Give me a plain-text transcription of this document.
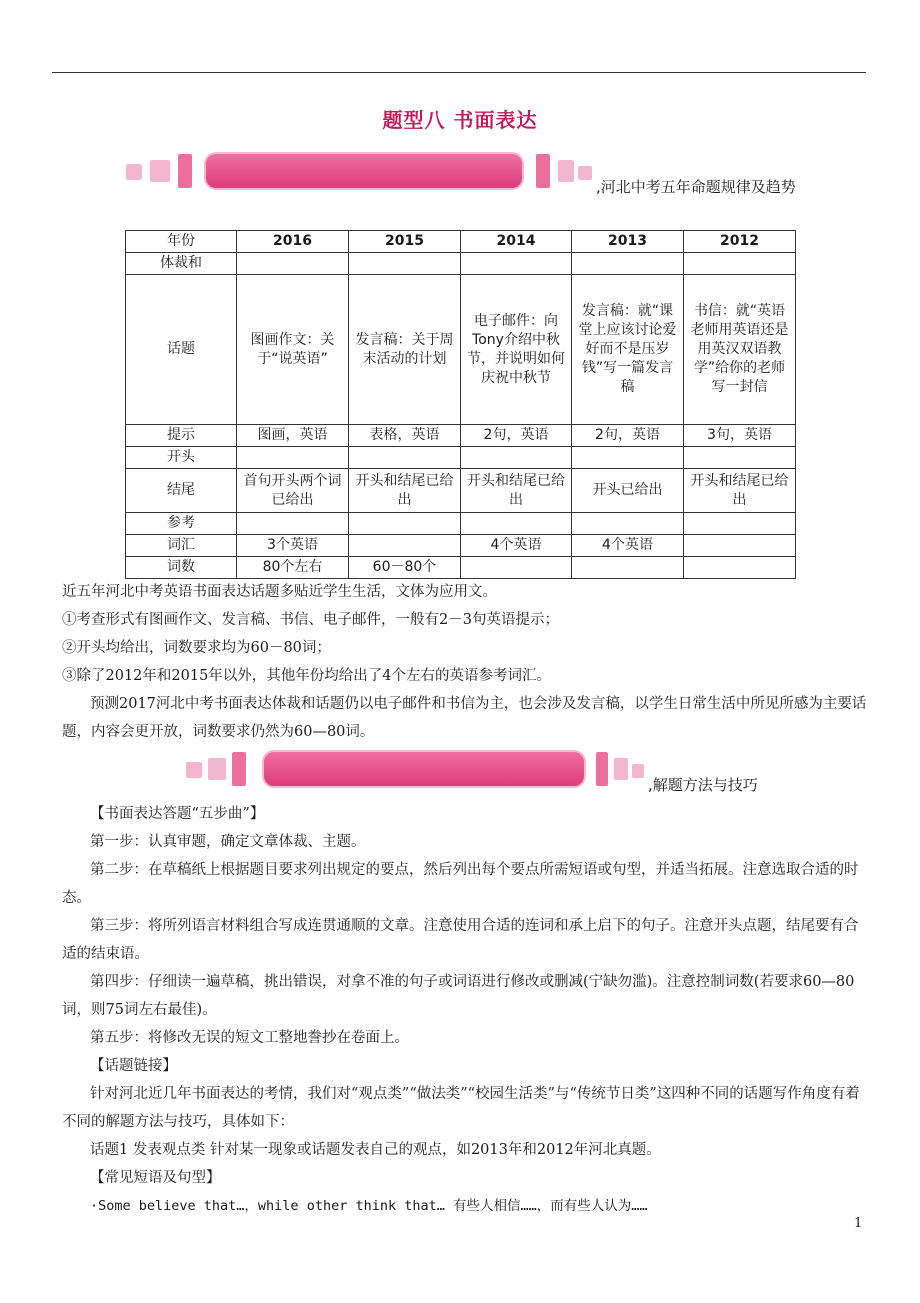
题型八 书面表达
,河北中考五年命题规律及趋势
年份	2016	2015	2014	2013	2012
体裁和					
话题	图画作文：关于“说英语”	发言稿：关于周末活动的计划	电子邮件：向Tony介绍中秋节，并说明如何庆祝中秋节	发言稿：就“课堂上应该讨论爱好而不是压岁钱”写一篇发言稿	书信：就“英语老师用英语还是用英汉双语教学”给你的老师写一封信
提示	图画，英语	表格，英语	2句，英语	2句，英语	3句，英语
开头					
结尾	首句开头两个词已给出	开头和结尾已给出	开头和结尾已给出	开头已给出	开头和结尾已给出
参考					
词汇	3个英语		4个英语	4个英语	
词数	80个左右	60－80个			
近五年河北中考英语书面表达话题多贴近学生生活，文体为应用文。
①考查形式有图画作文、发言稿、书信、电子邮件，一般有2－3句英语提示；
②开头均给出，词数要求均为60－80词；
③除了2012年和2015年以外，其他年份均给出了4个左右的英语参考词汇。
预测2017河北中考书面表达体裁和话题仍以电子邮件和书信为主，也会涉及发言稿，以学生日常生活中所见所感为主要话题，内容会更开放，词数要求仍然为60—80词。
,解题方法与技巧
【书面表达答题“五步曲”】
第一步：认真审题，确定文章体裁、主题。
第二步：在草稿纸上根据题目要求列出规定的要点，然后列出每个要点所需短语或句型，并适当拓展。注意选取合适的时态。
第三步：将所列语言材料组合写成连贯通顺的文章。注意使用合适的连词和承上启下的句子。注意开头点题，结尾要有合适的结束语。
第四步：仔细读一遍草稿，挑出错误，对拿不准的句子或词语进行修改或删减(宁缺勿滥)。注意控制词数(若要求60—80词，则75词左右最佳)。
第五步：将修改无误的短文工整地誊抄在卷面上。
【话题链接】
针对河北近几年书面表达的考情，我们对“观点类”“做法类”“校园生活类”与“传统节日类”这四种不同的话题写作角度有着不同的解题方法与技巧，具体如下：
话题1 发表观点类 针对某一现象或话题发表自己的观点，如2013年和2012年河北真题。
【常见短语及句型】
·Some believe that…，while other think that… 有些人相信……，而有些人认为……
1
